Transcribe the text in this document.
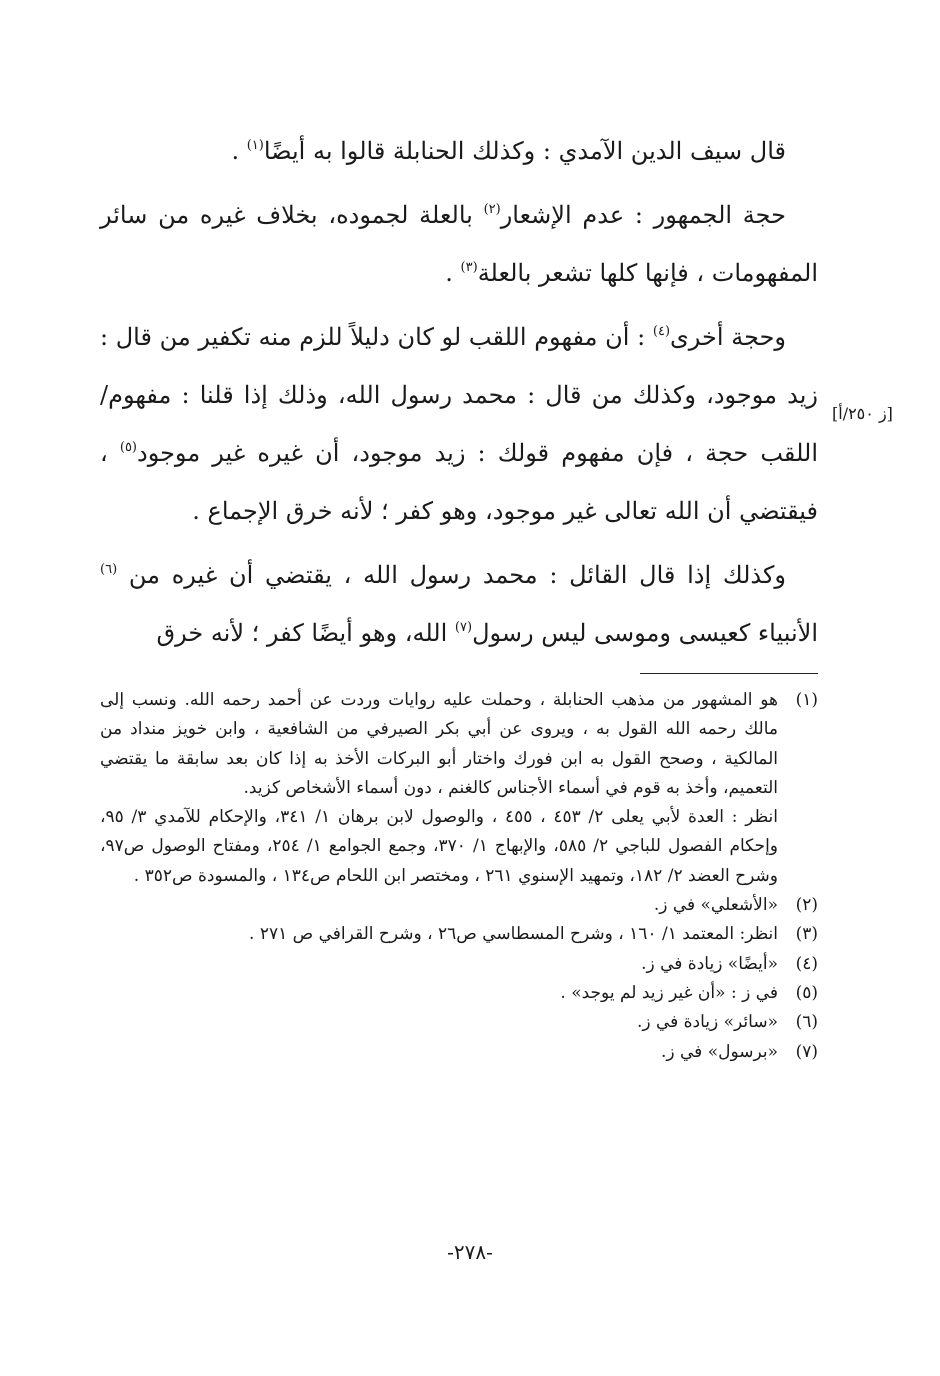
قال سيف الدين الآمدي : وكذلك الحنابلة قالوا به أيضًا$^{(١)}$ .

حجة الجمهور : عدم الإشعار$^{(٢)}$ بالعلة لجموده، بخلاف غيره من سائر المفهومات ، فإنها كلها تشعر بالعلة$^{(٣)}$ .

وحجة أخرى$^{(٤)}$ : أن مفهوم اللقب لو كان دليلاً للزم منه تكفير من قال : زيد موجود، وكذلك من قال : محمد رسول الله، وذلك إذا قلنا : مفهوم/اللقب حجة ، فإن مفهوم قولك : زيد موجود، أن غيره غير موجود$^{(٥)}$ ، فيقتضي أن الله تعالى غير موجود، وهو كفر ؛ لأنه خرق الإجماع .

وكذلك إذا قال القائل : محمد رسول الله ، يقتضي أن غيره من $^{(٦)}$ الأنبياء كعيسى وموسى ليس رسول$^{(٧)}$ الله، وهو أيضًا كفر ؛ لأنه خرق

[ز ٢٥٠/أ]

(١)
هو المشهور من مذهب الحنابلة ، وحملت عليه روايات وردت عن أحمد رحمه الله. ونسب إلى مالك رحمه الله القول به ، ويروى عن أبي بكر الصيرفي من الشافعية ، وابن خويز منداد من المالكية ، وصحح القول به ابن فورك واختار أبو البركات الأخذ به إذا كان بعد سابقة ما يقتضي التعميم، وأخذ به قوم في أسماء الأجناس كالغنم ، دون أسماء الأشخاص كزيد.

انظر : العدة لأبي يعلى ٢/ ٤٥٣ ، ٤٥٥ ، والوصول لابن برهان ١/ ٣٤١، والإحكام للآمدي ٣/ ٩٥، وإحكام الفصول للباجي ٢/ ٥٨٥، والإبهاج ١/ ٣٧٠، وجمع الجوامع ١/ ٢٥٤، ومفتاح الوصول ص٩٧، وشرح العضد ٢/ ١٨٢، وتمهيد الإسنوي ٢٦١ ، ومختصر ابن اللحام ص١٣٤ ، والمسودة ص٣٥٢ .

(٢)
«الأشعلي» في ز.

(٣)
انظر: المعتمد ١/ ١٦٠ ، وشرح المسطاسي ص٢٦ ، وشرح القرافي ص ٢٧١ .

(٤)
«أيضًا» زيادة في ز.

(٥)
في ز : «أن غير زيد لم يوجد» .

(٦)
«سائر» زيادة في ز.

(٧)
«برسول» في ز.

-٢٧٨-
